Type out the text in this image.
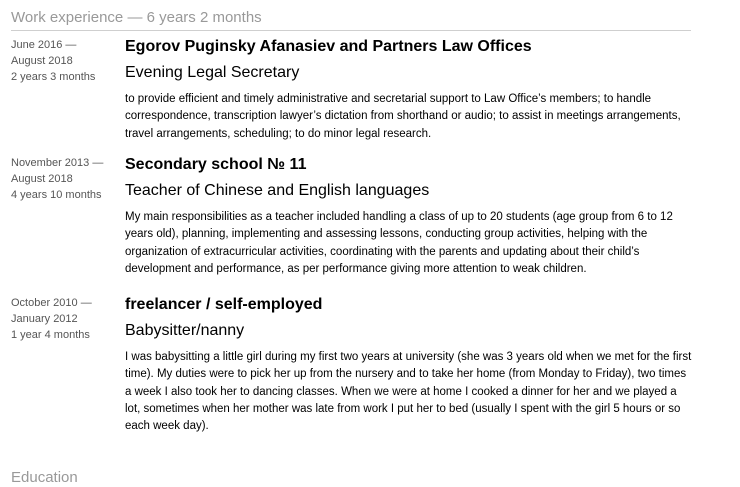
Work experience — 6 years 2 months
June 2016 — August 2018
2 years 3 months
Egorov Puginsky Afanasiev and Partners Law Offices
Evening Legal Secretary
to provide efficient and timely administrative and secretarial support to Law Office’s members; to handle correspondence, transcription lawyer’s dictation from shorthand or audio; to assist in meetings arrangements, travel arrangements, scheduling; to do minor legal research.
November 2013 — August 2018
4 years 10 months
Secondary school № 11
Teacher of Chinese and English languages
My main responsibilities as a teacher included handling a class of up to 20 students (age group from 6 to 12 years old), planning, implementing and assessing lessons, conducting group activities, helping with the organization of extracurricular activities, coordinating with the parents and updating about their child’s development and performance, as per performance giving more attention to weak children.
October 2010 — January 2012
1 year 4 months
freelancer / self-employed
Babysitter/nanny
I was babysitting a little girl during my first two years at university (she was 3 years old when we met for the first time). My duties were to pick her up from the nursery and to take her home (from Monday to Friday), two times a week I also took her to dancing classes. When we were at home I cooked a dinner for her and we played a lot, sometimes when her mother was late from work I put her to bed (usually I spent with the girl 5 hours or so each week day).
Education
